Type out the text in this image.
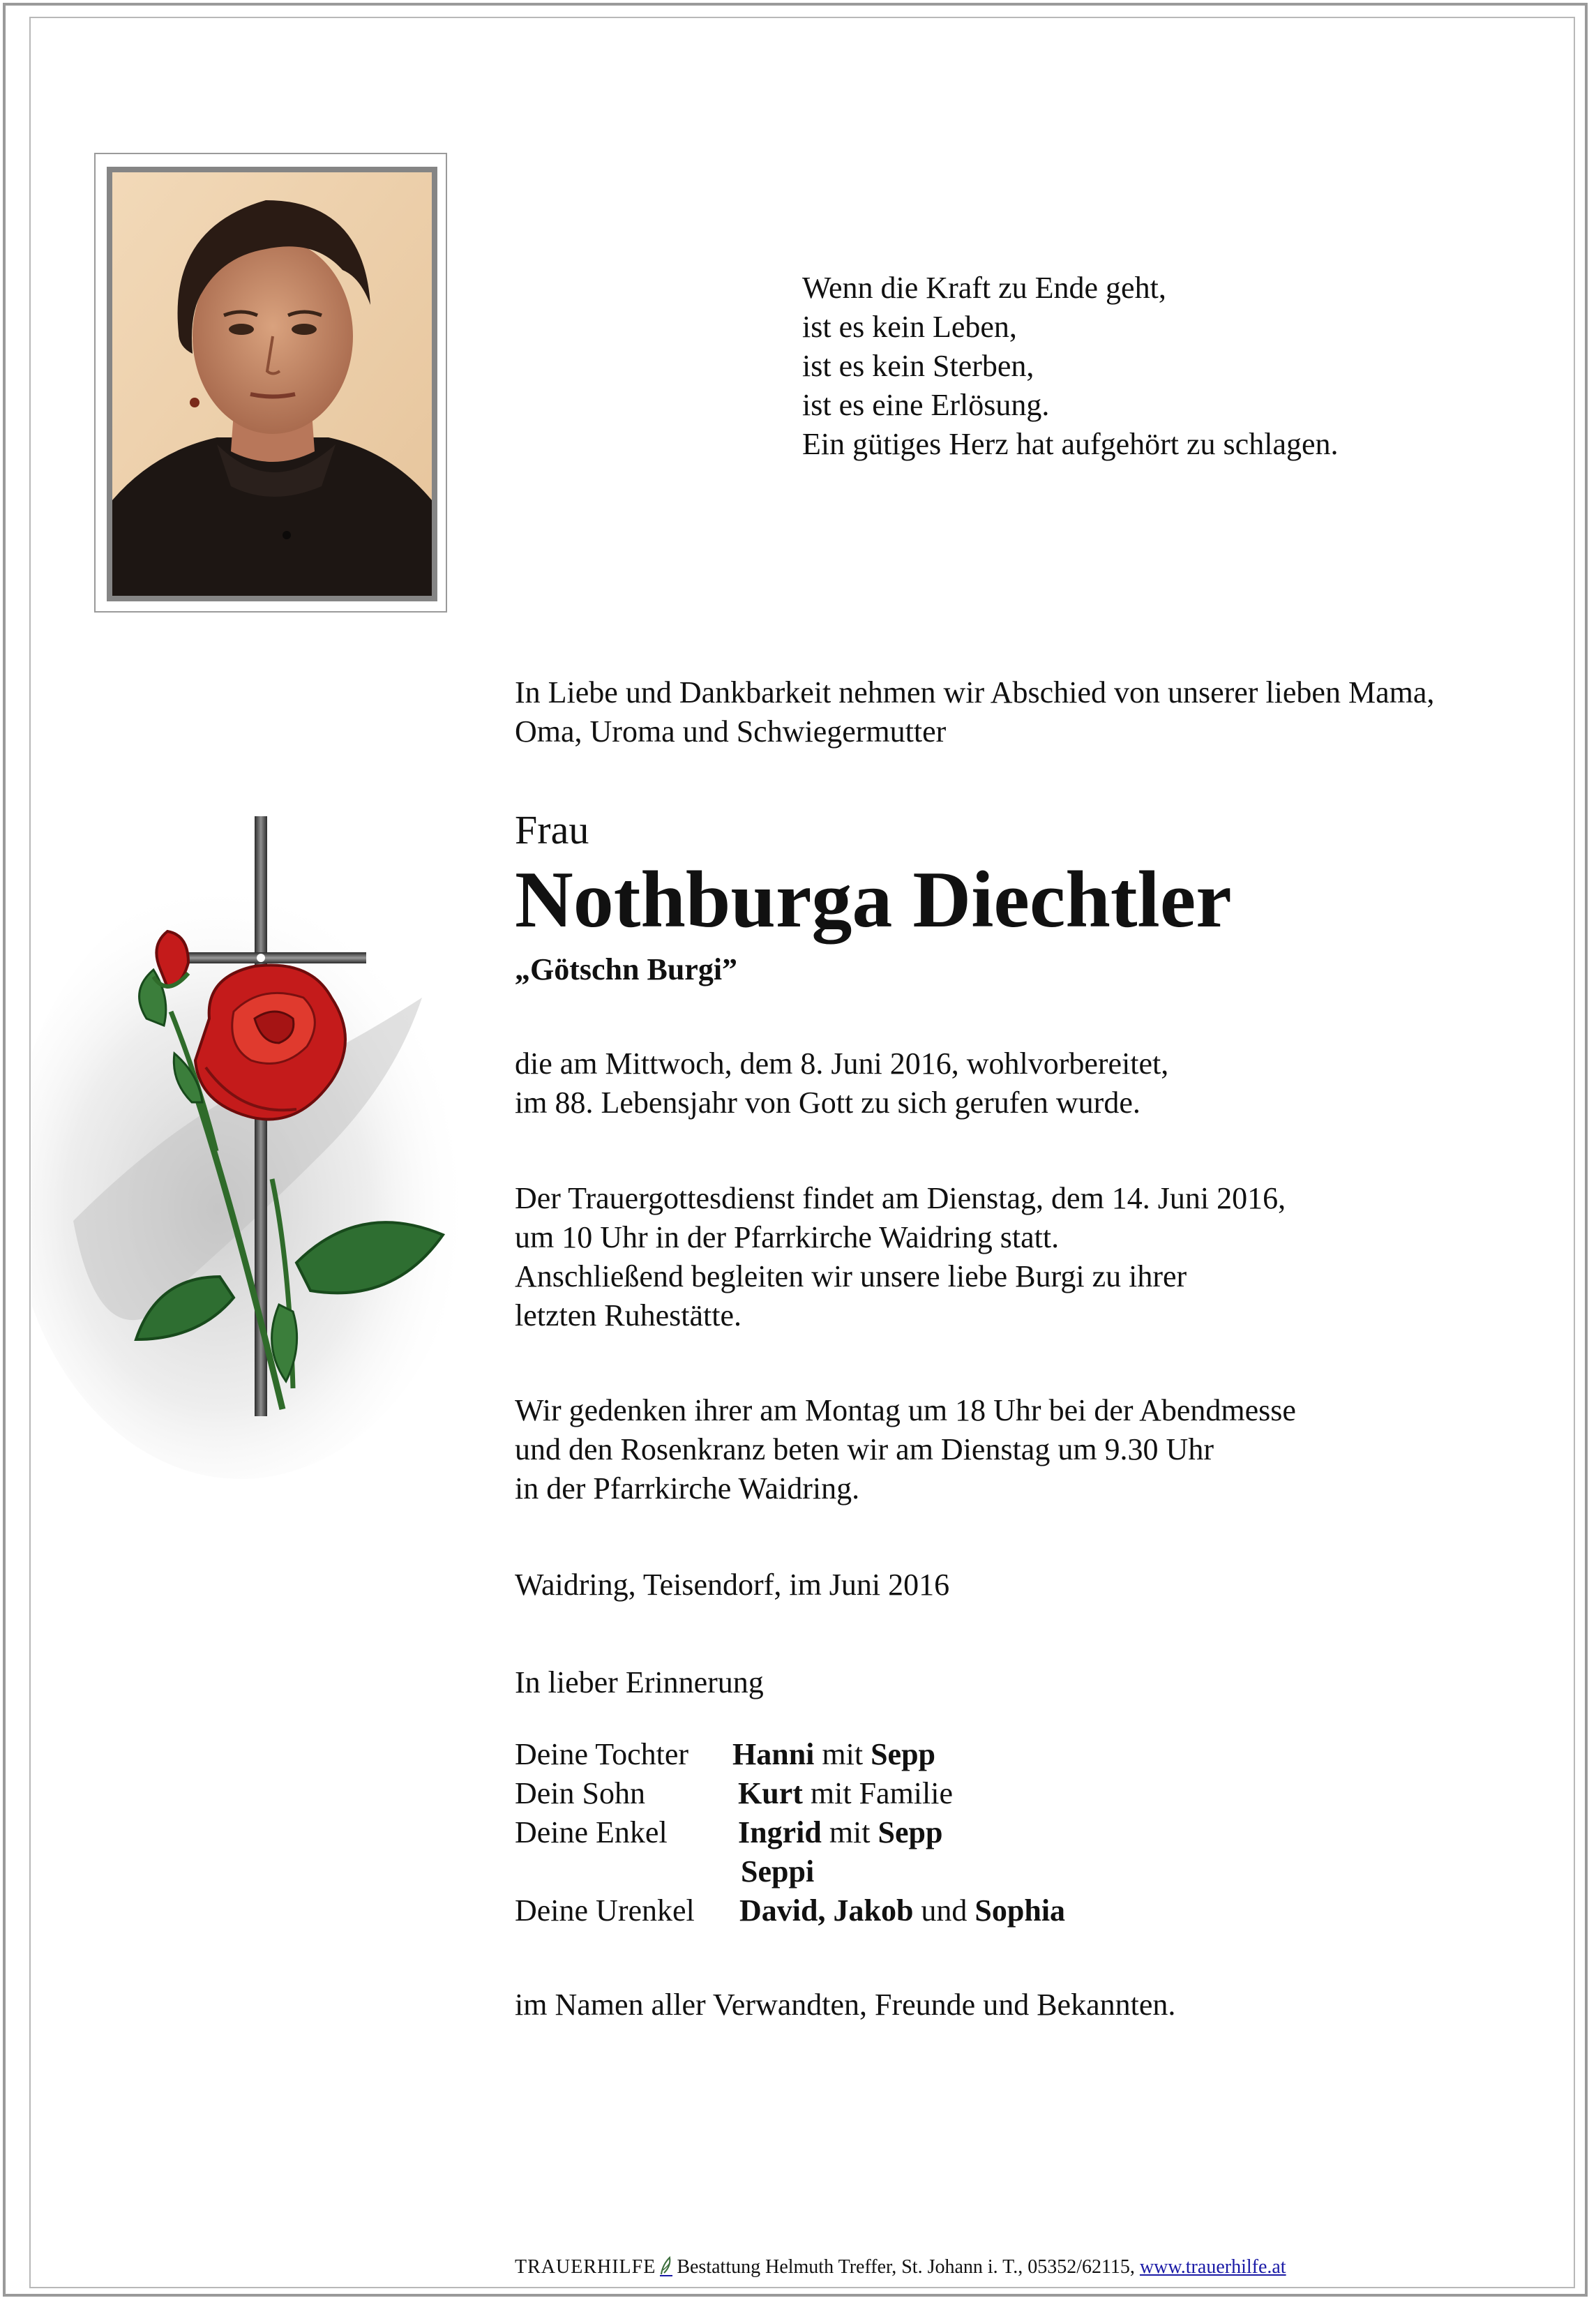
Wenn die Kraft zu Ende geht,
ist es kein Leben,
ist es kein Sterben,
ist es eine Erlösung.
Ein gütiges Herz hat aufgehört zu schlagen.
In Liebe und Dankbarkeit nehmen wir Abschied von unserer lieben Mama,
Oma, Uroma und Schwiegermutter
Frau
Nothburga Diechtler
„Götschn Burgi”
die am Mittwoch, dem 8. Juni 2016, wohlvorbereitet,
im 88. Lebensjahr von Gott zu sich gerufen wurde.
Der Trauergottesdienst findet am Dienstag, dem 14. Juni 2016,
um 10 Uhr in der Pfarrkirche Waidring statt.
Anschließend begleiten wir unsere liebe Burgi zu ihrer
letzten Ruhestätte.
Wir gedenken ihrer am Montag um 18 Uhr bei der Abendmesse
und den Rosenkranz beten wir am Dienstag um 9.30 Uhr
in der Pfarrkirche Waidring.
Waidring, Teisendorf, im Juni 2016
In lieber Erinnerung
Deine Tochter Hanni mit Sepp
Dein Sohn	Kurt mit Familie
Deine Enkel Ingrid mit Sepp
Seppi
Deine Urenkel David, Jakob und Sophia
im Namen aller Verwandten, Freunde und Bekannten.
TRAUERHILFE Bestattung Helmuth Treffer, St. Johann i. T., 05352/62115, www.trauerhilfe.at
